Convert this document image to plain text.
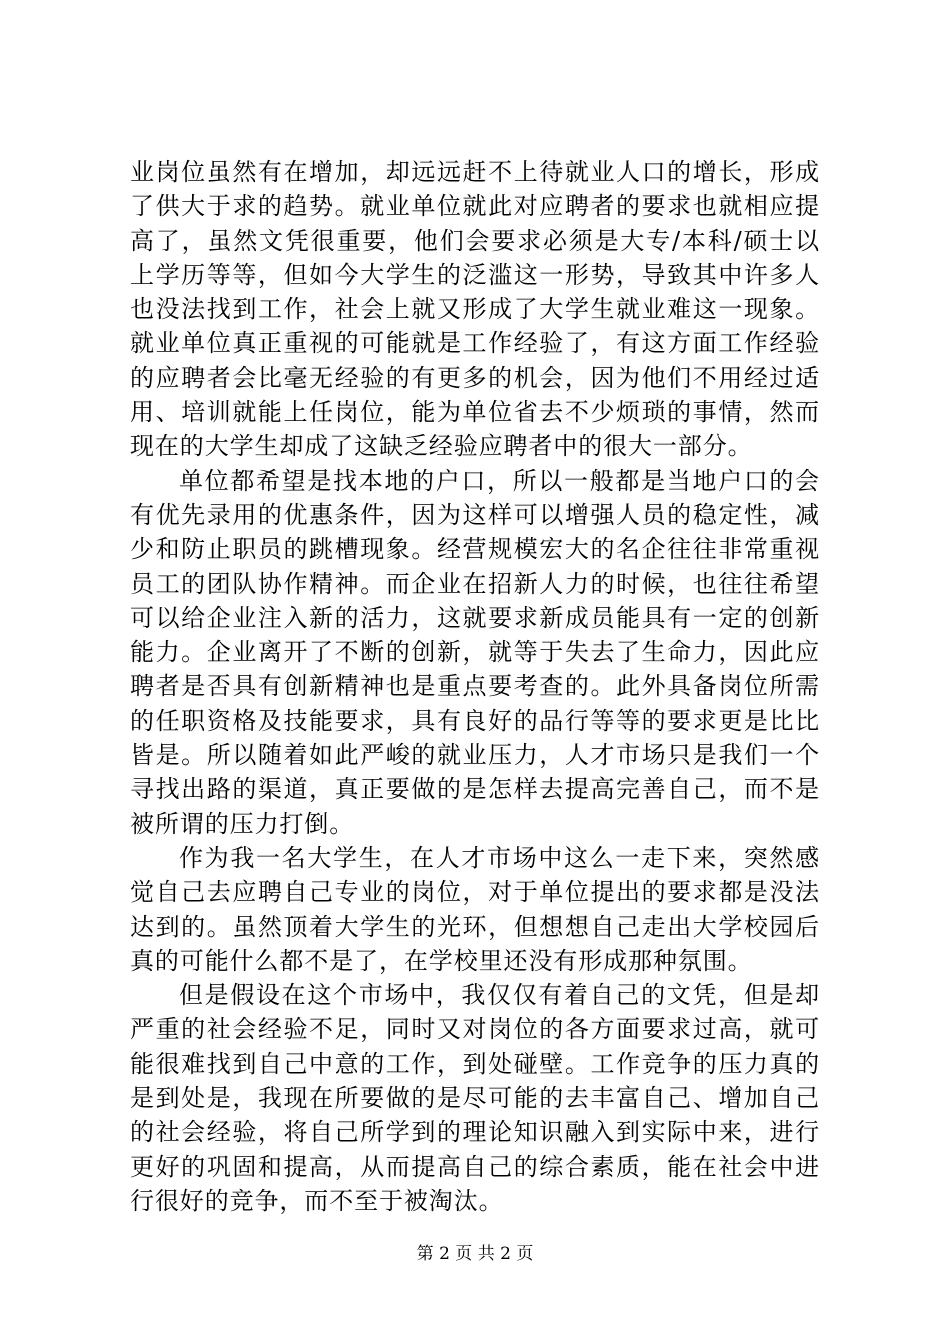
业岗位虽然有在增加，却远远赶不上待就业人口的增长，形成了供大于求的趋势。就业单位就此对应聘者的要求也就相应提高了，虽然文凭很重要，他们会要求必须是大专/本科/硕士以上学历等等，但如今大学生的泛滥这一形势，导致其中许多人也没法找到工作，社会上就又形成了大学生就业难这一现象。就业单位真正重视的可能就是工作经验了，有这方面工作经验的应聘者会比毫无经验的有更多的机会，因为他们不用经过适用、培训就能上任岗位，能为单位省去不少烦琐的事情，然而现在的大学生却成了这缺乏经验应聘者中的很大一部分。

单位都希望是找本地的户口，所以一般都是当地户口的会有优先录用的优惠条件，因为这样可以增强人员的稳定性，减少和防止职员的跳槽现象。经营规模宏大的名企往往非常重视员工的团队协作精神。而企业在招新人力的时候，也往往希望可以给企业注入新的活力，这就要求新成员能具有一定的创新能力。企业离开了不断的创新，就等于失去了生命力，因此应聘者是否具有创新精神也是重点要考查的。此外具备岗位所需的任职资格及技能要求，具有良好的品行等等的要求更是比比皆是。所以随着如此严峻的就业压力，人才市场只是我们一个寻找出路的渠道，真正要做的是怎样去提高完善自己，而不是被所谓的压力打倒。

作为我一名大学生，在人才市场中这么一走下来，突然感觉自己去应聘自己专业的岗位，对于单位提出的要求都是没法达到的。虽然顶着大学生的光环，但想想自己走出大学校园后真的可能什么都不是了，在学校里还没有形成那种氛围。

但是假设在这个市场中，我仅仅有着自己的文凭，但是却严重的社会经验不足，同时又对岗位的各方面要求过高，就可能很难找到自己中意的工作，到处碰壁。工作竞争的压力真的是到处是，我现在所要做的是尽可能的去丰富自己、增加自己的社会经验，将自己所学到的理论知识融入到实际中来，进行更好的巩固和提高，从而提高自己的综合素质，能在社会中进行很好的竞争，而不至于被淘汰。

第 2 页 共 2 页
